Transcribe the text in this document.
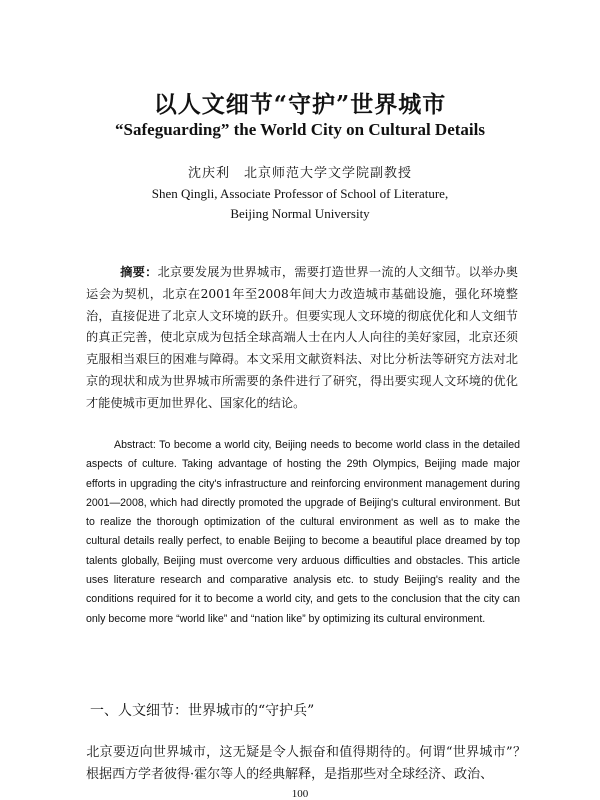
以人文细节“守护”世界城市
“Safeguarding” the World City on Cultural Details
沈庆利　北京师范大学文学院副教授
Shen Qingli, Associate Professor of School of Literature,
Beijing Normal University
摘要：北京要发展为世界城市，需要打造世界一流的人文细节。以举办奥运会为契机，北京在2001年至2008年间大力改造城市基础设施，强化环境整治，直接促进了北京人文环境的跃升。但要实现人文环境的彻底优化和人文细节的真正完善，使北京成为包括全球高端人士在内人人向往的美好家园，北京还须克服相当艰巨的困难与障碍。本文采用文献资料法、对比分析法等研究方法对北京的现状和成为世界城市所需要的条件进行了研究，得出要实现人文环境的优化才能使城市更加世界化、国家化的结论。
Abstract: To become a world city, Beijing needs to become world class in the detailed aspects of culture. Taking advantage of hosting the 29th Olympics, Beijing made major efforts in upgrading the city's infrastructure and reinforcing environment management during 2001—2008, which had directly promoted the upgrade of Beijing's cultural environment. But to realize the thorough optimization of the cultural environment as well as to make the cultural details really perfect, to enable Beijing to become a beautiful place dreamed by top talents globally, Beijing must overcome very arduous difficulties and obstacles. This article uses literature research and comparative analysis etc. to study Beijing's reality and the conditions required for it to become a world city, and gets to the conclusion that the city can only become more “world like” and “nation like” by optimizing its cultural environment.
一、人文细节：世界城市的“守护兵”
北京要迈向世界城市，这无疑是令人振奋和值得期待的。何谓“世界城市”？根据西方学者彼得·霍尔等人的经典解释，是指那些对全球经济、政治、
100
